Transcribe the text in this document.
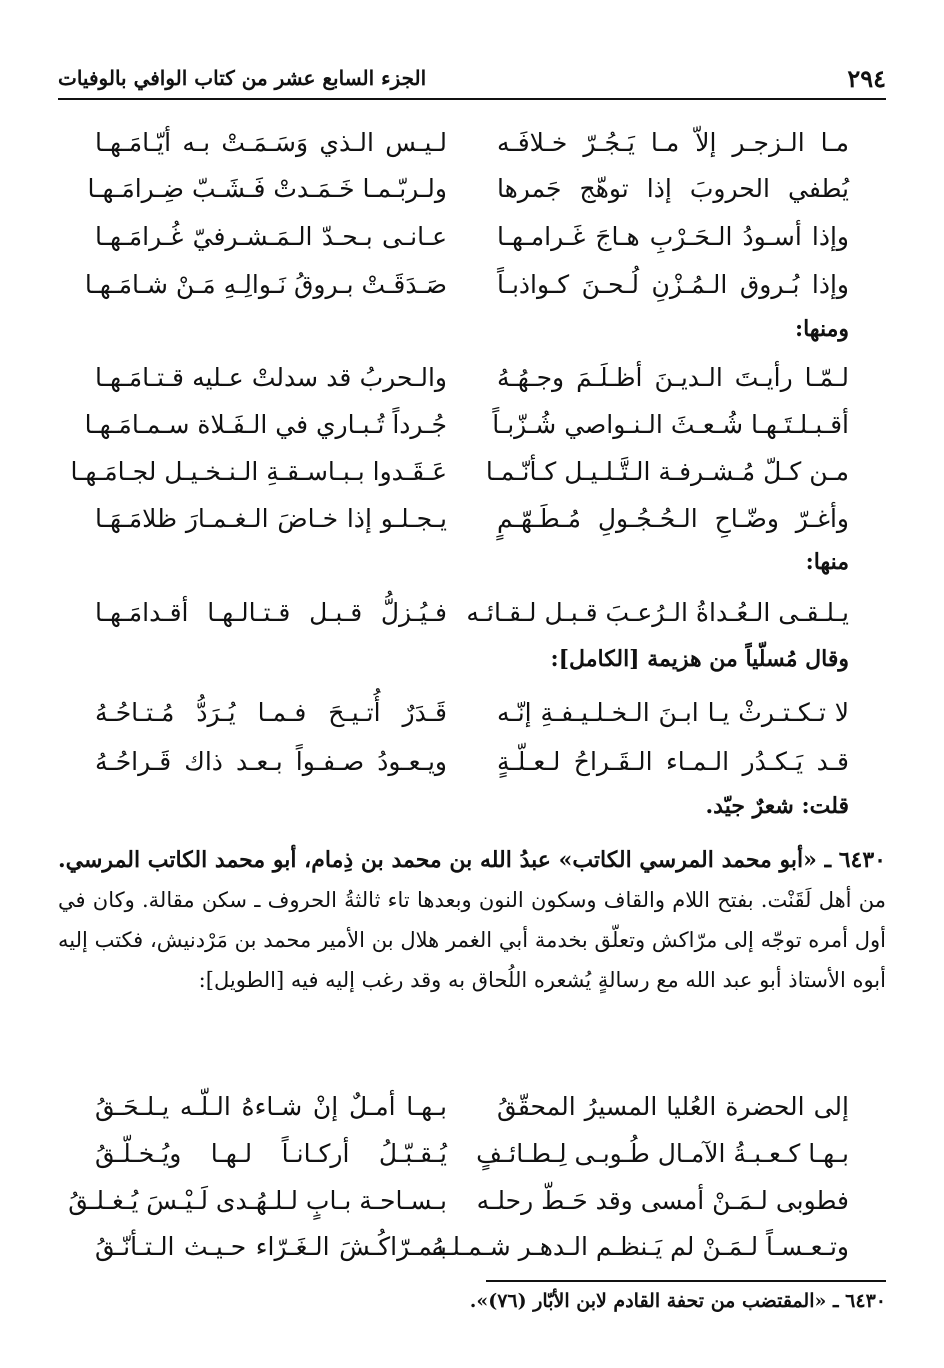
٢٩٤
الجزء السابع عشر من كتاب الوافي بالوفيات
مـا الـزجـر إلاّ مـا يَـجُـرّ خـلافَـه
لـيـس الـذي وَسَـمَـتْ بـه أيّـامَـهـا
يُطفي الحروبَ إذا توهّج جَمرها
ولـربّـمـا خَـمَـدتْ فَـشَـبّ ضِـرامَـهـا
وإذا أسـودُ الـحَـرْبِ هـاجَ غَـرامـهـا
عـانـى بـحـدّ الـمَـشـرفيّ غُـرامَـهـا
وإذا بُـروق الـمُـزْنِ لُـحـنَ كـواذبـاً
صَـدَقَـتْ بـروقُ نَـوالِـهِ مَـنْ شـامَـهـا
ومنها:
لـمّـا رأيـتَ الـديـنَ أظـلَـمَ وجـهُـهُ
والـحربُ قد سدلتْ عـليه قـتـامَـهـا
أقـبـلـتَـهـا شُـعـثَ الـنـواصي شُـزّبـاً
جُـرداً تُـبـاري في الـفَـلاة سـمـامَـهـا
مـن كـلّ مُـشـرفـة الـتَّـلـيـل كـأنّـمـا
عَـقَـدوا بـبـاسـقـةِ الـنـخـيـل لجـامَـهـا
وأغـرّ وضّـاحِ الـحُـجُـولِ مُـطَـهّـمٍ
يـجـلـو إذا خـاضَ الـغـمـارَ ظلامَـهَـا
منها:
يـلـقـى الـعُـداةُ الـرُعـبَ قـبـل لـقـائـه
فـيُـزلُّ قـبـل قـتـالـهـا أقـدامَـهـا
وقال مُسلّياً من هزيمة [الكامل]:
لا تـكـتـرثْ يـا ابـنَ الـخـلـيـفـةِ إنّـه
قَـدَرٌ أُتـيـحَ فـمـا يُـرَدُّ مُـتـاحُـهُ
قـد يَـكـدُر الـمـاء الـقَـراحُ لـعـلّـةٍ
ويـعـودُ صـفـواً بـعـد ذاك قَـراحُـهُ
قلت: شعرٌ جيّد.
٦٤٣٠ ـ «أبو محمد المرسي الكاتب» عبدُ الله بن محمد بن ذِمام، أبو محمد الكاتب المرسي. من أهل لَقَنْت. بفتح اللام والقاف وسكون النون وبعدها تاء ثالثةُ الحروف ـ سكن مقالة. وكان في أول أمره توجّه إلى مرّاكش وتعلّق بخدمة أبي الغمر هلال بن الأمير محمد بن مَرْدنيش، فكتب إليه أبوه الأستاذ أبو عبد الله مع رسالةٍ يُشعره اللُحاق به وقد رغب إليه فيه [الطويل]:
إلى الحضرة العُليا المسيرُ المحقّقُ
بـهـا أمـلٌ إنْ شـاءهُ الـلّـه يـلـحَـقُ
بـهـا كـعـبـةُ الآمـال طُـوبـى لِـطـائـفٍ
يُـقـبّـلُ أركـانـاً لـهـا ويُـخـلّـقُ
فطوبى لـمَـنْ أمسى وقد حَـطّ رحلـه
بـسـاحـة بـابٍ لـلـهُـدى لَـيْـسَ يُـغـلـقُ
وتـعـسـاً لـمَـنْ لم يَـنظـم الـدهـر شـمـلـهُ
بـمـرّاكُـشَ الـغَـرّاء حـيـث الـتـأنّـقُ
٦٤٣٠ ـ «المقتضب من تحفة القادم لابن الأبّار (٧٦)».
